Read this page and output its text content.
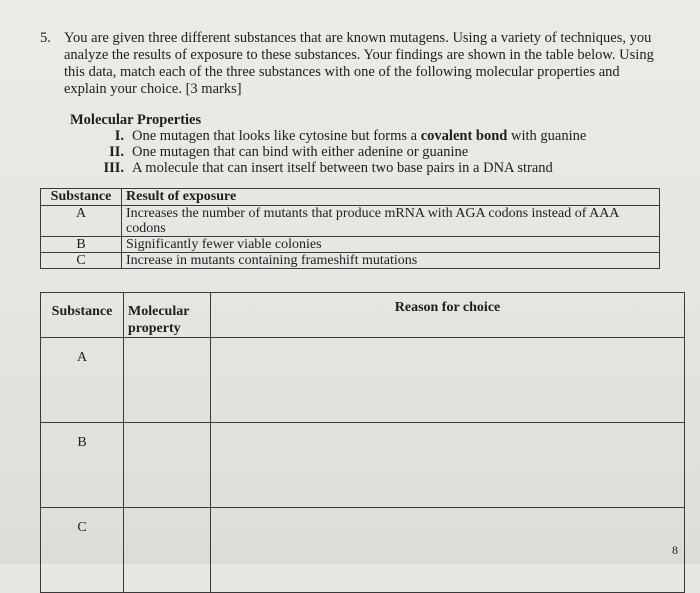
5. You are given three different substances that are known mutagens. Using a variety of techniques, you analyze the results of exposure to these substances. Your findings are shown in the table below. Using this data, match each of the three substances with one of the following molecular properties and explain your choice. [3 marks]
Molecular Properties
I. One mutagen that looks like cytosine but forms a covalent bond with guanine
II. One mutagen that can bind with either adenine or guanine
III. A molecule that can insert itself between two base pairs in a DNA strand
Substance	Result of exposure
A	Increases the number of mutants that produce mRNA with AGA codons instead of AAA codons
B	Significantly fewer viable colonies
C	Increase in mutants containing frameshift mutations
Substance	Molecular property	Reason for choice
A		
B		
C		
8
